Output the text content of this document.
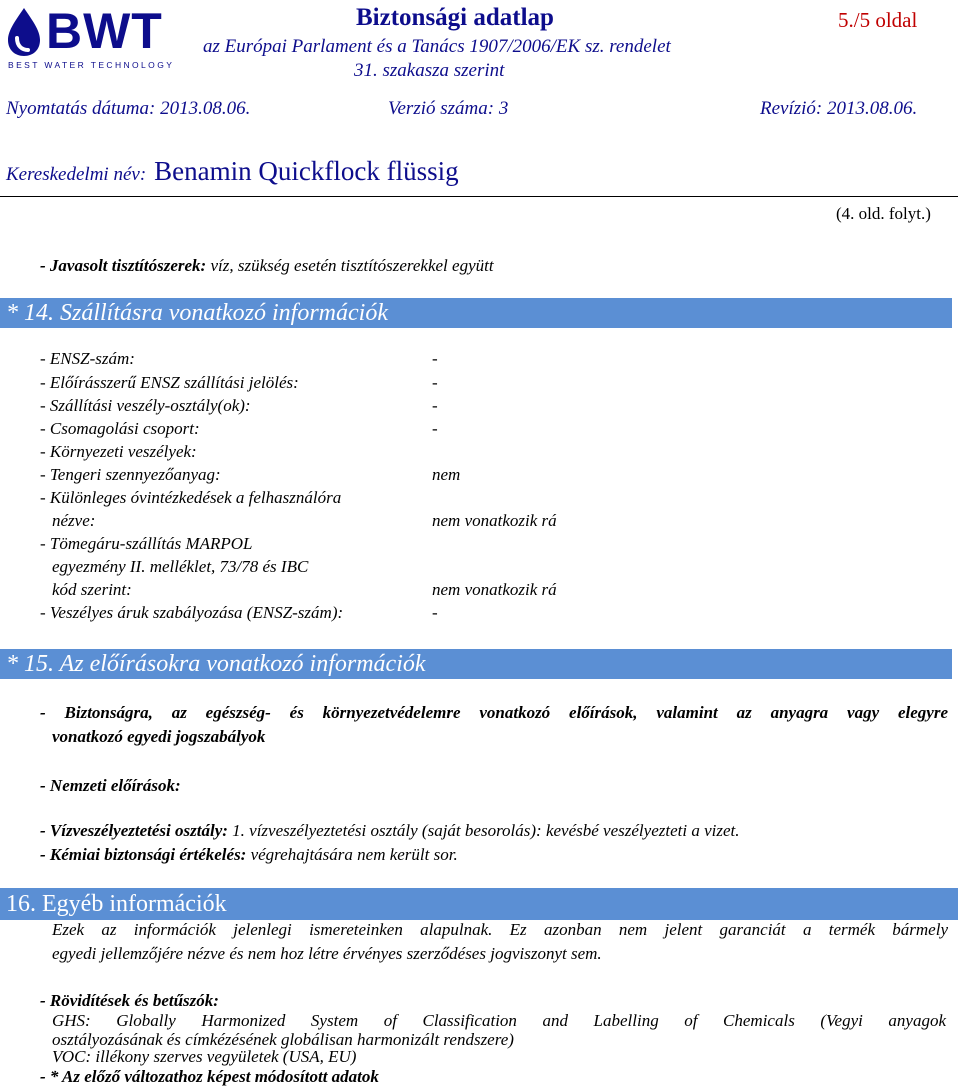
BWT
BEST WATER TECHNOLOGY
Biztonsági adatlap	5./5 oldal
az Európai Parlament és a Tanács 1907/2006/EK sz. rendelet
31. szakasza szerint
Nyomtatás dátuma: 2013.08.06.	Verzió száma: 3	Revízió: 2013.08.06.
Kereskedelmi név: Benamin Quickflock flüssig
(4. old. folyt.)
- Javasolt tisztítószerek: víz, szükség esetén tisztítószerekkel együtt
* 14. Szállításra vonatkozó információk
- ENSZ-szám:	-
- Előírásszerű ENSZ szállítási jelölés:	-
- Szállítási veszély-osztály(ok):	-
- Csomagolási csoport:	-
- Környezeti veszélyek:
- Tengeri szennyezőanyag:	nem
- Különleges óvintézkedések a felhasználóra
nézve:	nem vonatkozik rá
- Tömegáru-szállítás MARPOL
egyezmény II. melléklet, 73/78 és IBC
kód szerint:	nem vonatkozik rá
- Veszélyes áruk szabályozása (ENSZ-szám):	-
* 15. Az előírásokra vonatkozó információk
- Biztonságra, az egészség- és környezetvédelemre vonatkozó előírások, valamint az anyagra vagy elegyre
vonatkozó egyedi jogszabályok
- Nemzeti előírások:
- Vízveszélyeztetési osztály: 1. vízveszélyeztetési osztály (saját besorolás): kevésbé veszélyezteti a vizet.
- Kémiai biztonsági értékelés: végrehajtására nem került sor.
16. Egyéb információk
Ezek az információk jelenlegi ismereteinken alapulnak. Ez azonban nem jelent garanciát a termék bármely
egyedi jellemzőjére nézve és nem hoz létre érvényes szerződéses jogviszonyt sem.
- Rövidítések és betűszók:
GHS: Globally Harmonized System of Classification and Labelling of Chemicals (Vegyi anyagok
osztályozásának és címkézésének globálisan harmonizált rendszere)
VOC: illékony szerves vegyületek (USA, EU)
- * Az előző változathoz képest módosított adatok
